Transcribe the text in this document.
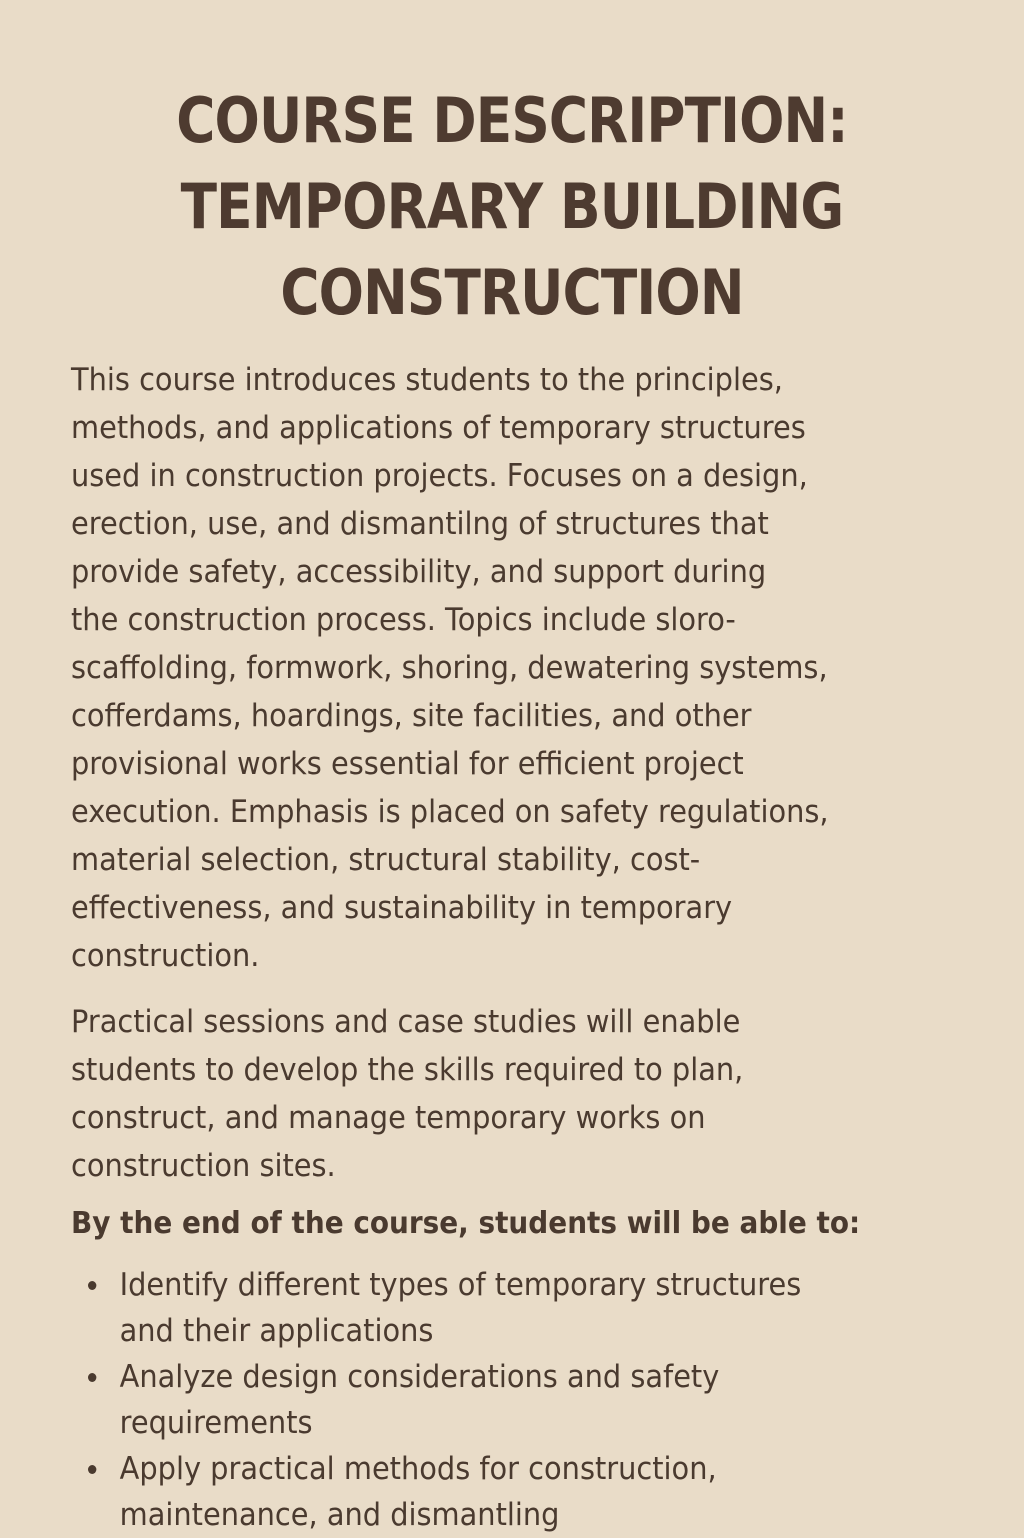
COURSE DESCRIPTION:
TEMPORARY BUILDING
CONSTRUCTION

This course introduces students to the principles,
methods, and applications of temporary structures
used in construction projects. Focuses on a design,
erection, use, and dismantilng of structures that
provide safety, accessibility, and support during
the construction process. Topics include sloro-
scaffolding, formwork, shoring, dewatering systems,
cofferdams, hoardings, site facilities, and other
provisional works essential for efficient project
execution. Emphasis is placed on safety regulations,
material selection, structural stability, cost-
effectiveness, and sustainability in temporary
construction.

Practical sessions and case studies will enable
students to develop the skills required to plan,
construct, and manage temporary works on
construction sites.

By the end of the course, students will be able to:
Identify different types of temporary structures
and their applications
Analyze design considerations and safety
requirements
Apply practical methods for construction,
maintenance, and dismantling
